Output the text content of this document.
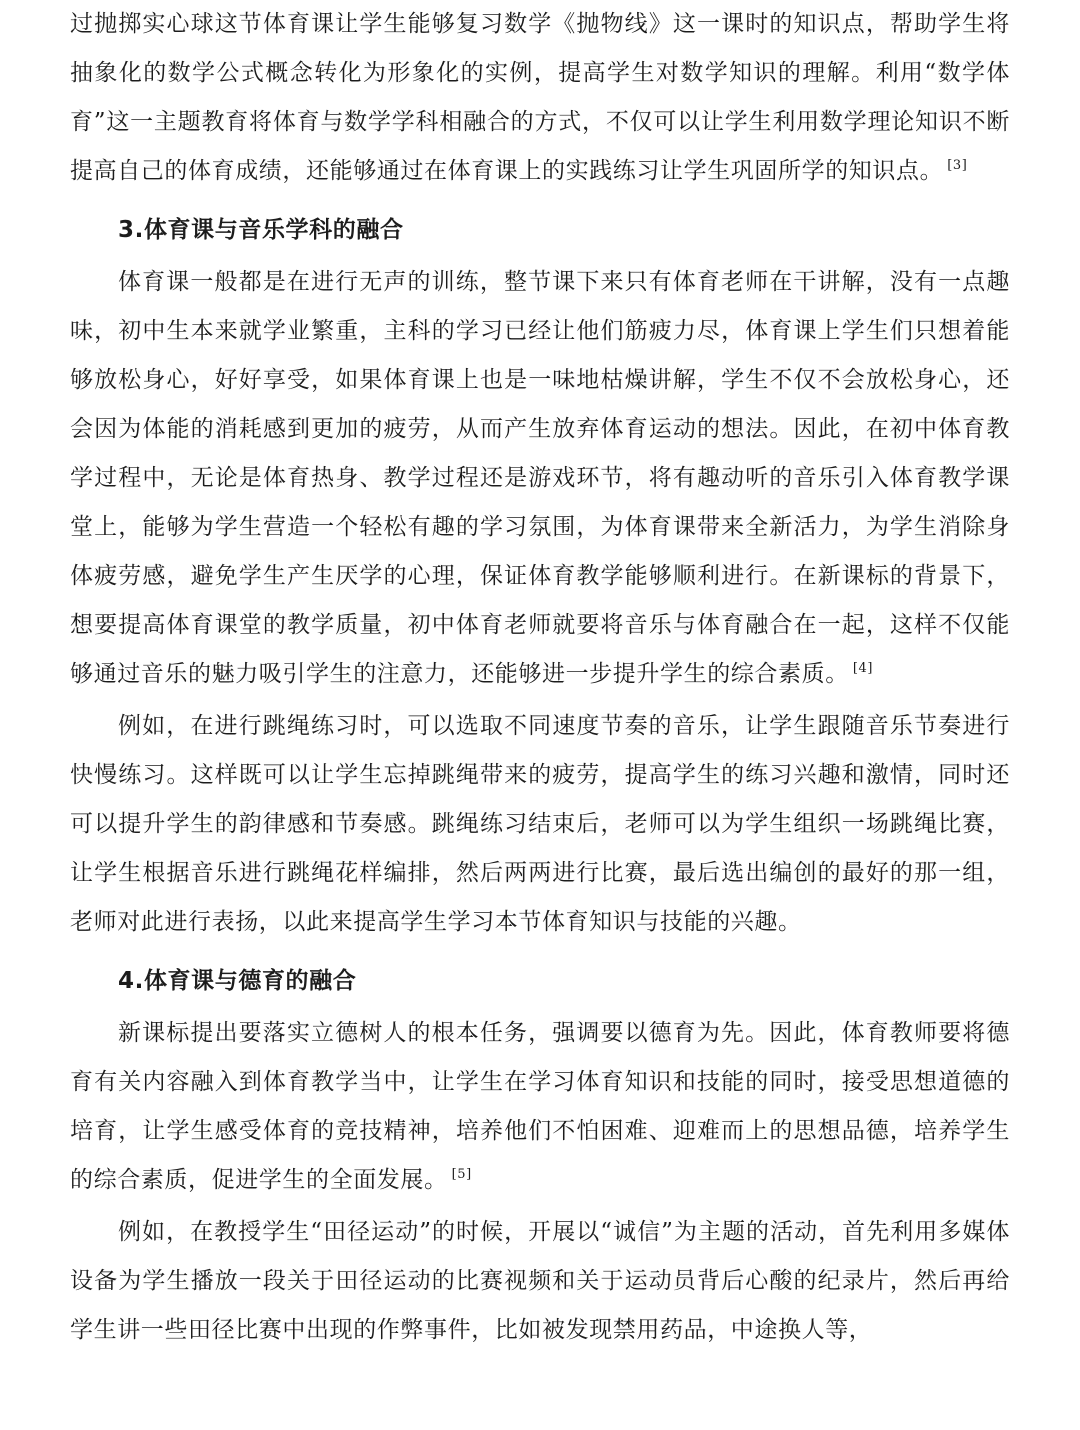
过抛掷实心球这节体育课让学生能够复习数学《抛物线》这一课时的知识点，帮助学生将抽象化的数学公式概念转化为形象化的实例，提高学生对数学知识的理解。利用“数学体育”这一主题教育将体育与数学学科相融合的方式，不仅可以让学生利用数学理论知识不断提高自己的体育成绩，还能够通过在体育课上的实践练习让学生巩固所学的知识点。 [3]

3.体育课与音乐学科的融合

体育课一般都是在进行无声的训练，整节课下来只有体育老师在干讲解，没有一点趣味，初中生本来就学业繁重，主科的学习已经让他们筋疲力尽，体育课上学生们只想着能够放松身心，好好享受，如果体育课上也是一味地枯燥讲解，学生不仅不会放松身心，还会因为体能的消耗感到更加的疲劳，从而产生放弃体育运动的想法。因此，在初中体育教学过程中，无论是体育热身、教学过程还是游戏环节，将有趣动听的音乐引入体育教学课堂上，能够为学生营造一个轻松有趣的学习氛围，为体育课带来全新活力，为学生消除身体疲劳感，避免学生产生厌学的心理，保证体育教学能够顺利进行。在新课标的背景下，想要提高体育课堂的教学质量，初中体育老师就要将音乐与体育融合在一起，这样不仅能够通过音乐的魅力吸引学生的注意力，还能够进一步提升学生的综合素质。 [4]

例如，在进行跳绳练习时，可以选取不同速度节奏的音乐，让学生跟随音乐节奏进行快慢练习。这样既可以让学生忘掉跳绳带来的疲劳，提高学生的练习兴趣和激情，同时还可以提升学生的韵律感和节奏感。跳绳练习结束后，老师可以为学生组织一场跳绳比赛，让学生根据音乐进行跳绳花样编排，然后两两进行比赛，最后选出编创的最好的那一组，老师对此进行表扬，以此来提高学生学习本节体育知识与技能的兴趣。

4.体育课与德育的融合

新课标提出要落实立德树人的根本任务，强调要以德育为先。因此，体育教师要将德育有关内容融入到体育教学当中，让学生在学习体育知识和技能的同时，接受思想道德的培育，让学生感受体育的竞技精神，培养他们不怕困难、迎难而上的思想品德，培养学生的综合素质，促进学生的全面发展。 [5]

例如，在教授学生“田径运动”的时候，开展以“诚信”为主题的活动，首先利用多媒体设备为学生播放一段关于田径运动的比赛视频和关于运动员背后心酸的纪录片，然后再给学生讲一些田径比赛中出现的作弊事件，比如被发现禁用药品，中途换人等，
